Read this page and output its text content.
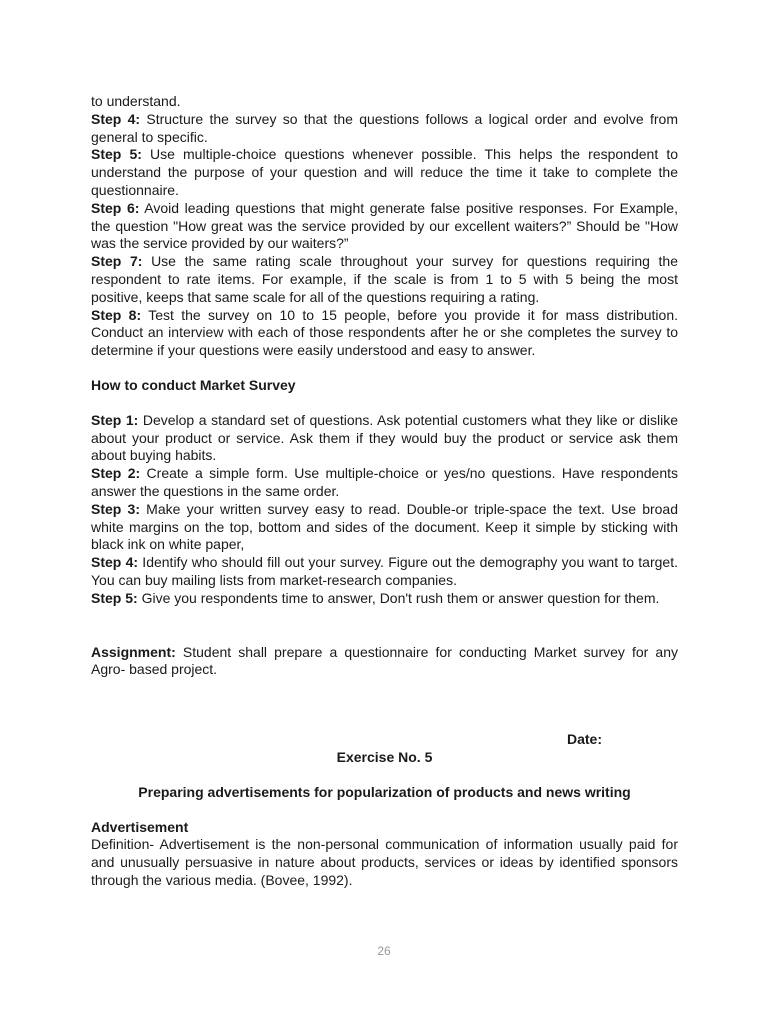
to understand.

Step 4: Structure the survey so that the questions follows a logical order and evolve from general to specific.

Step 5: Use multiple-choice questions whenever possible. This helps the respondent to understand the purpose of your question and will reduce the time it take to complete the questionnaire.

Step 6: Avoid leading questions that might generate false positive responses. For Example, the question "How great was the service provided by our excellent waiters?” Should be "How was the service provided by our waiters?”

Step 7: Use the same rating scale throughout your survey for questions requiring the respondent to rate items. For example, if the scale is from 1 to 5 with 5 being the most positive, keeps that same scale for all of the questions requiring a rating.

Step 8: Test the survey on 10 to 15 people, before you provide it for mass distribution. Conduct an interview with each of those respondents after he or she completes the survey to determine if your questions were easily understood and easy to answer.

How to conduct Market Survey

Step 1: Develop a standard set of questions. Ask potential customers what they like or dislike about your product or service. Ask them if they would buy the product or service ask them about buying habits.

Step 2: Create a simple form. Use multiple-choice or yes/no questions. Have respondents answer the questions in the same order.

Step 3: Make your written survey easy to read. Double-or triple-space the text. Use broad white margins on the top, bottom and sides of the document. Keep it simple by sticking with black ink on white paper,

Step 4: Identify who should fill out your survey. Figure out the demography you want to target. You can buy mailing lists from market-research companies.

Step 5: Give you respondents time to answer, Don't rush them or answer question for them.

Assignment: Student shall prepare a questionnaire for conducting Market survey for any Agro- based project.

Date:

Exercise No. 5

Preparing advertisements for popularization of products and news writing

Advertisement

Definition- Advertisement is the non-personal communication of information usually paid for and unusually persuasive in nature about products, services or ideas by identified sponsors through the various media. (Bovee, 1992).

26
